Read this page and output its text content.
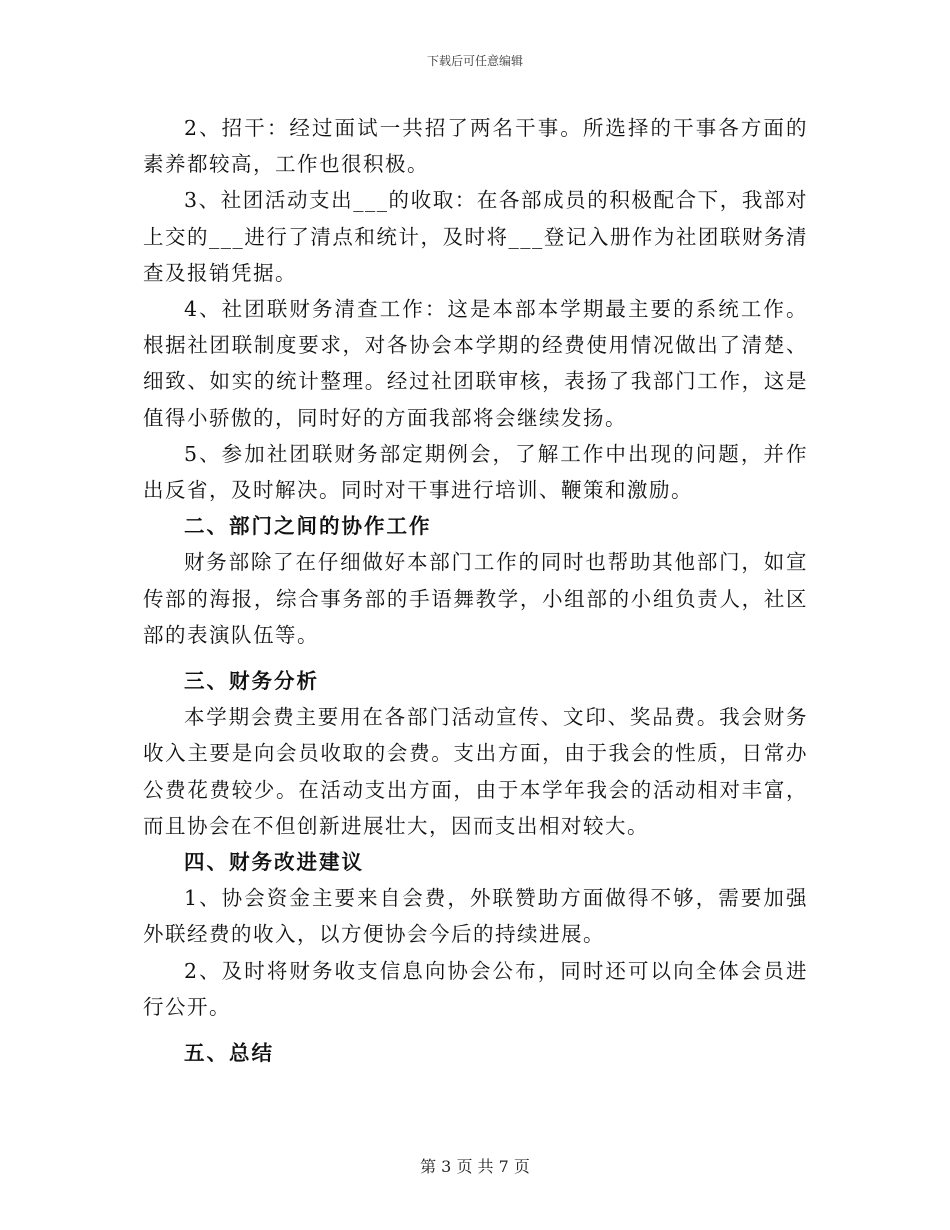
下载后可任意编辑

2、招干：经过面试一共招了两名干事。所选择的干事各方面的素养都较高，工作也很积极。

3、社团活动支出___的收取：在各部成员的积极配合下，我部对上交的___进行了清点和统计，及时将___登记入册作为社团联财务清查及报销凭据。

4、社团联财务清查工作：这是本部本学期最主要的系统工作。根据社团联制度要求，对各协会本学期的经费使用情况做出了清楚、细致、如实的统计整理。经过社团联审核，表扬了我部门工作，这是值得小骄傲的，同时好的方面我部将会继续发扬。

5、参加社团联财务部定期例会，了解工作中出现的问题，并作出反省，及时解决。同时对干事进行培训、鞭策和激励。

二、部门之间的协作工作

财务部除了在仔细做好本部门工作的同时也帮助其他部门，如宣传部的海报，综合事务部的手语舞教学，小组部的小组负责人，社区部的表演队伍等。

三、财务分析

本学期会费主要用在各部门活动宣传、文印、奖品费。我会财务收入主要是向会员收取的会费。支出方面，由于我会的性质，日常办公费花费较少。在活动支出方面，由于本学年我会的活动相对丰富，而且协会在不但创新进展壮大，因而支出相对较大。

四、财务改进建议

1、协会资金主要来自会费，外联赞助方面做得不够，需要加强外联经费的收入，以方便协会今后的持续进展。

2、及时将财务收支信息向协会公布，同时还可以向全体会员进行公开。

五、总结

第 3 页 共 7 页
